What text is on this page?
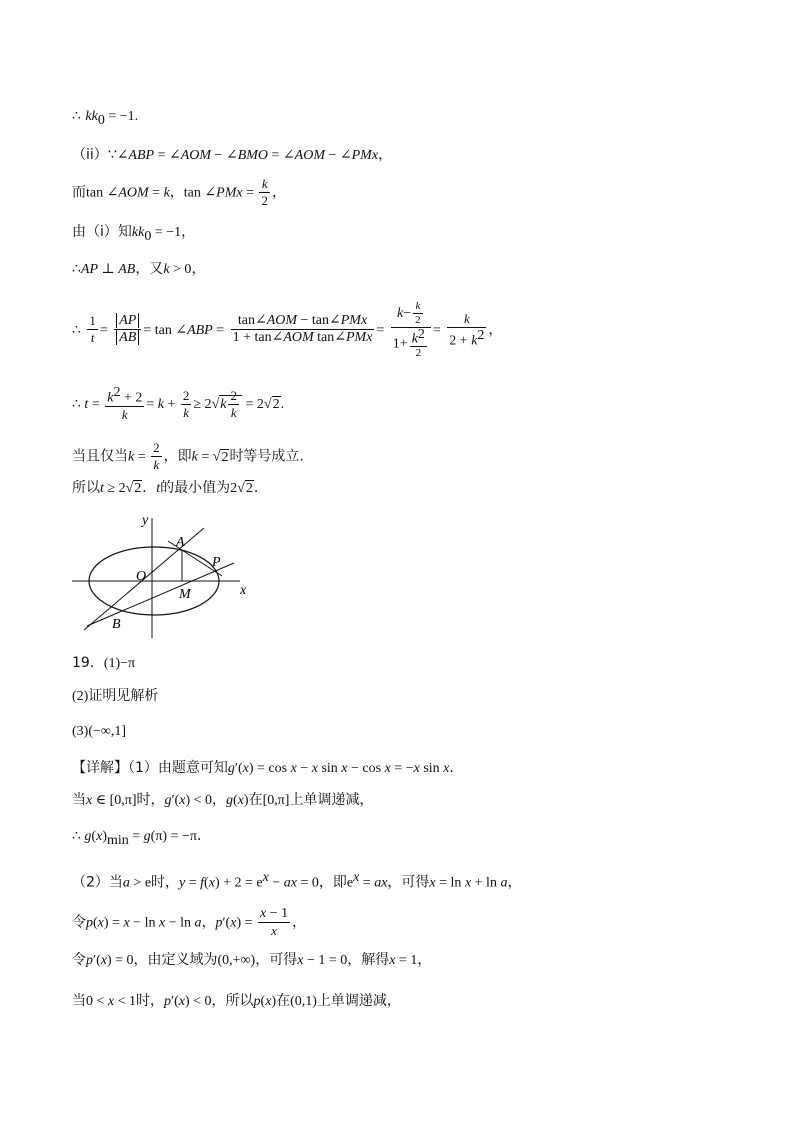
∴ $kk_0 = -1$.
（ii）∵∠ABP = ∠AOM − ∠BMO = ∠AOM − ∠PMx，
而tan ∠AOM = k，tan ∠PMx = $\frac{k}{2}$ ，
由（i）知$kk_0 = -1$，
∴AP ⊥ AB，又k > 0，
∴ $\frac{1}{t} = \frac{AP}{AB} = \tan$ ∠ABP = $\frac{\text{tan∠AOM − tan∠PMx}}{\text{1 + tan∠AOM tan∠PMx}} = \frac{k- \frac{k}{2}}{1+ \frac{k^2}{2}} = \frac{k}{2 + k^2}$ ，
∴ $t = \frac{k^2 + 2}{k} = k + \frac{2}{k} \ge 2√k \frac{2}{k} = 2√2$.
当且仅当$k = \frac{2}{k}$ ，即k = √2时等号成立.
所以t ≥ 2√2．t的最小值为2√2．
y
x
O
A
B
M
P
19．(1)−π
(2)证明见解析
(3)(−∞,1]
【详解】（1）由题意可知g′(x) = cos x − x sin x − cos x = −x sin x．
当x ∈ [0,π]时，g′(x) < 0，g(x)在[0,π]上单调递减，
∴ $g(x)_{min} = g(\pi) = -\pi$．
（2）当a > e时，$y = f(x) + 2 = e^x$ − ax = 0，即$e^x$ = ax，可得x = ln x + ln a，
令p(x) = x − ln x − ln a，$p'(x) = \frac{x - 1}{x}$ ，
令p′(x) = 0，由定义域为(0,+∞)，可得x − 1 = 0，解得x = 1，
当0 < x < 1时，p′(x) < 0，所以p(x)在(0,1)上单调递减，
